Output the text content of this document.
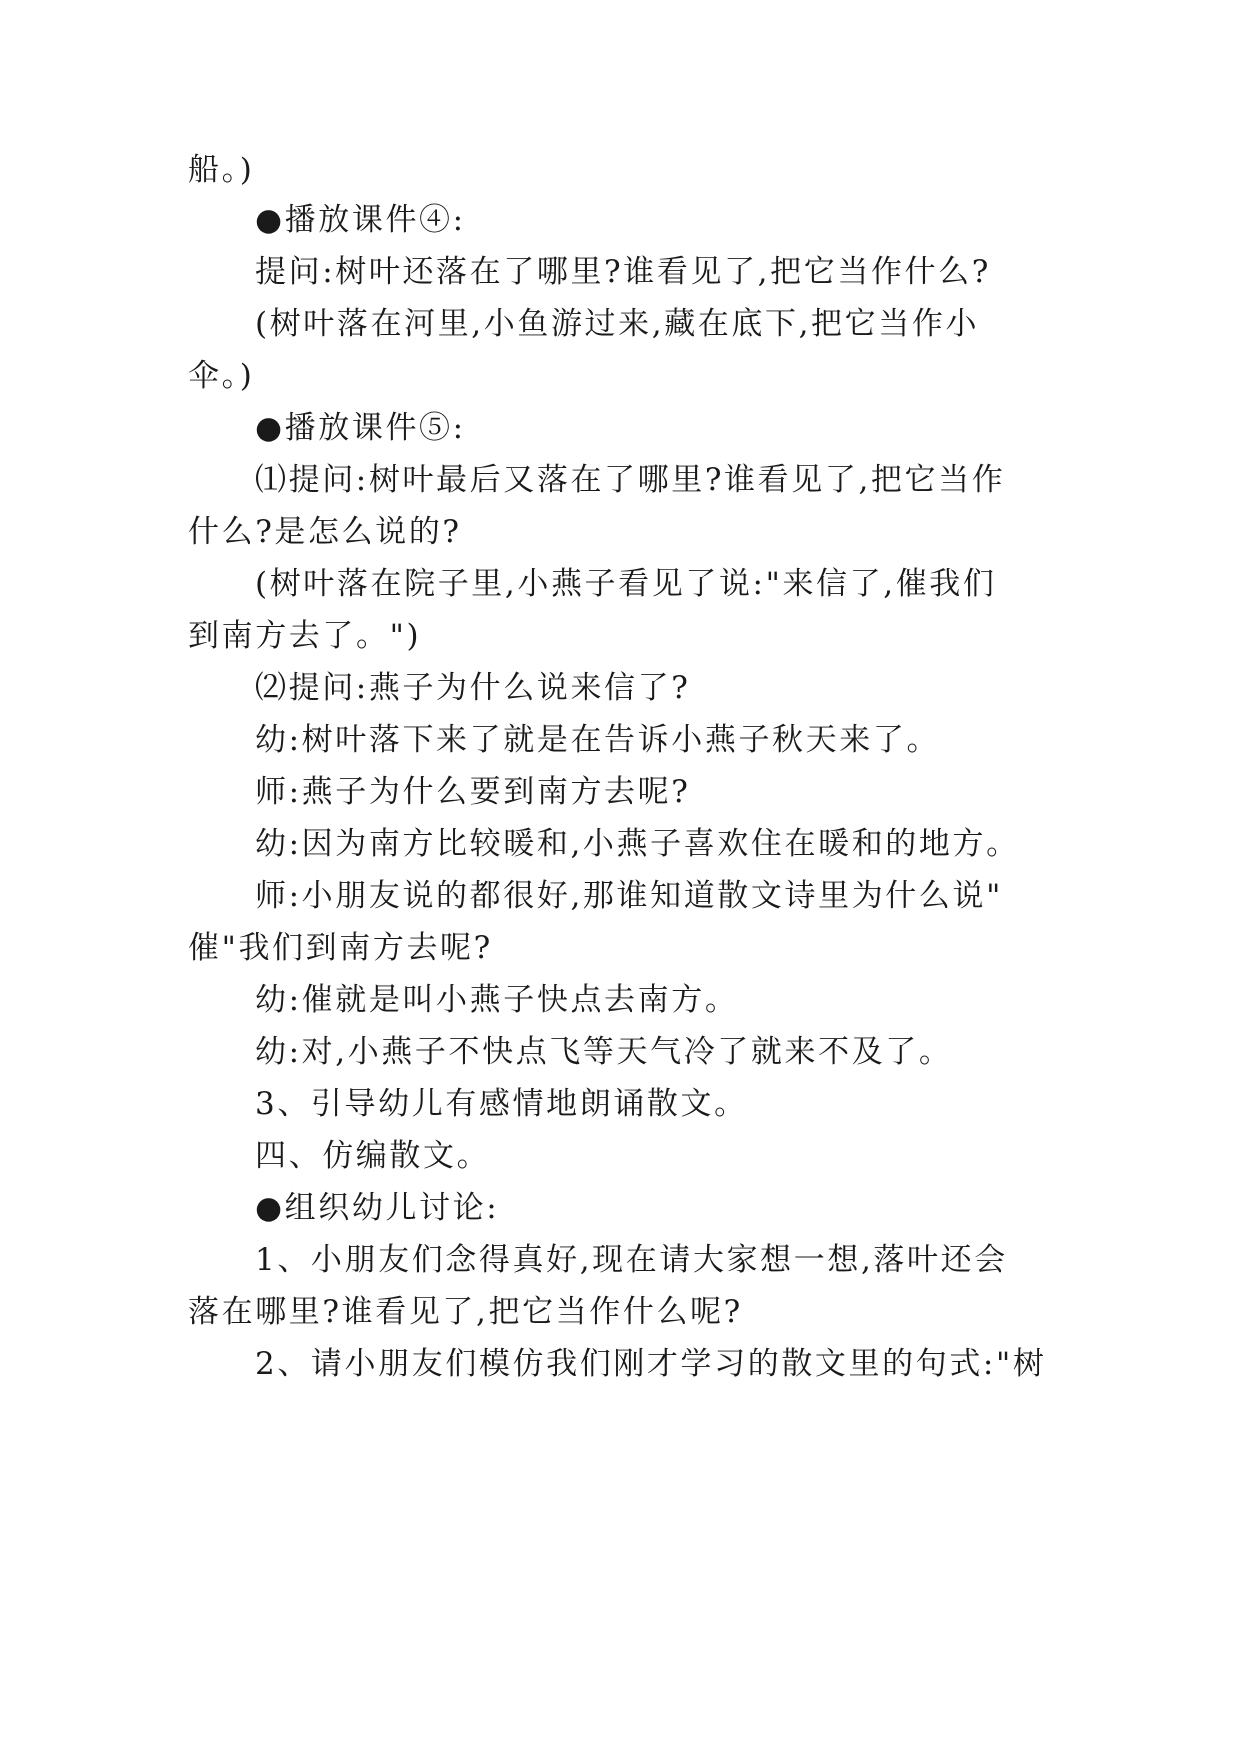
船。)

●播放课件④:

提问:树叶还落在了哪里?谁看见了,把它当作什么?

(树叶落在河里,小鱼游过来,藏在底下,把它当作小

伞。)

●播放课件⑤:

⑴提问:树叶最后又落在了哪里?谁看见了,把它当作

什么?是怎么说的?

(树叶落在院子里,小燕子看见了说:"来信了,催我们

到南方去了。")

⑵提问:燕子为什么说来信了?

幼:树叶落下来了就是在告诉小燕子秋天来了。

师:燕子为什么要到南方去呢?

幼:因为南方比较暖和,小燕子喜欢住在暖和的地方。

师:小朋友说的都很好,那谁知道散文诗里为什么说"

催"我们到南方去呢?

幼:催就是叫小燕子快点去南方。

幼:对,小燕子不快点飞等天气冷了就来不及了。

3、引导幼儿有感情地朗诵散文。

四、仿编散文。

●组织幼儿讨论:

1、小朋友们念得真好,现在请大家想一想,落叶还会

落在哪里?谁看见了,把它当作什么呢?

2、请小朋友们模仿我们刚才学习的散文里的句式:"树
